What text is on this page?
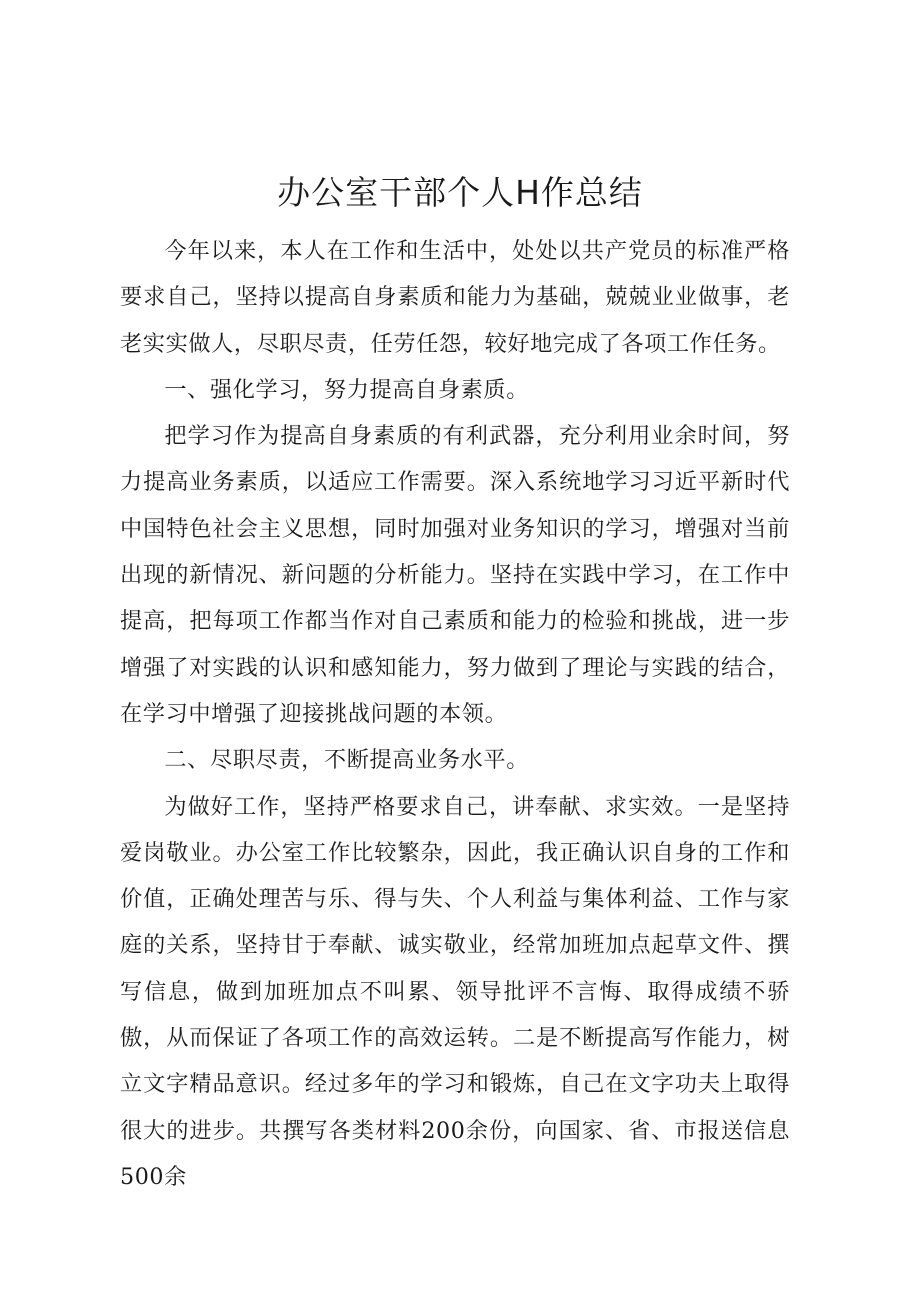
办公室干部个人H作总结

今年以来，本人在工作和生活中，处处以共产党员的标准严格要求自己，坚持以提高自身素质和能力为基础，兢兢业业做事，老老实实做人，尽职尽责，任劳任怨，较好地完成了各项工作任务。

一、强化学习，努力提高自身素质。

把学习作为提高自身素质的有利武器，充分利用业余时间，努力提高业务素质，以适应工作需要。深入系统地学习习近平新时代中国特色社会主义思想，同时加强对业务知识的学习，增强对当前出现的新情况、新问题的分析能力。坚持在实践中学习，在工作中提高，把每项工作都当作对自己素质和能力的检验和挑战，进一步增强了对实践的认识和感知能力，努力做到了理论与实践的结合，在学习中增强了迎接挑战问题的本领。

二、尽职尽责，不断提高业务水平。

为做好工作，坚持严格要求自己，讲奉献、求实效。一是坚持爱岗敬业。办公室工作比较繁杂，因此，我正确认识自身的工作和价值，正确处理苦与乐、得与失、个人利益与集体利益、工作与家庭的关系，坚持甘于奉献、诚实敬业，经常加班加点起草文件、撰写信息，做到加班加点不叫累、领导批评不言悔、取得成绩不骄傲，从而保证了各项工作的高效运转。二是不断提高写作能力，树立文字精品意识。经过多年的学习和锻炼，自己在文字功夫上取得很大的进步。共撰写各类材料200余份，向国家、省、市报送信息500余
